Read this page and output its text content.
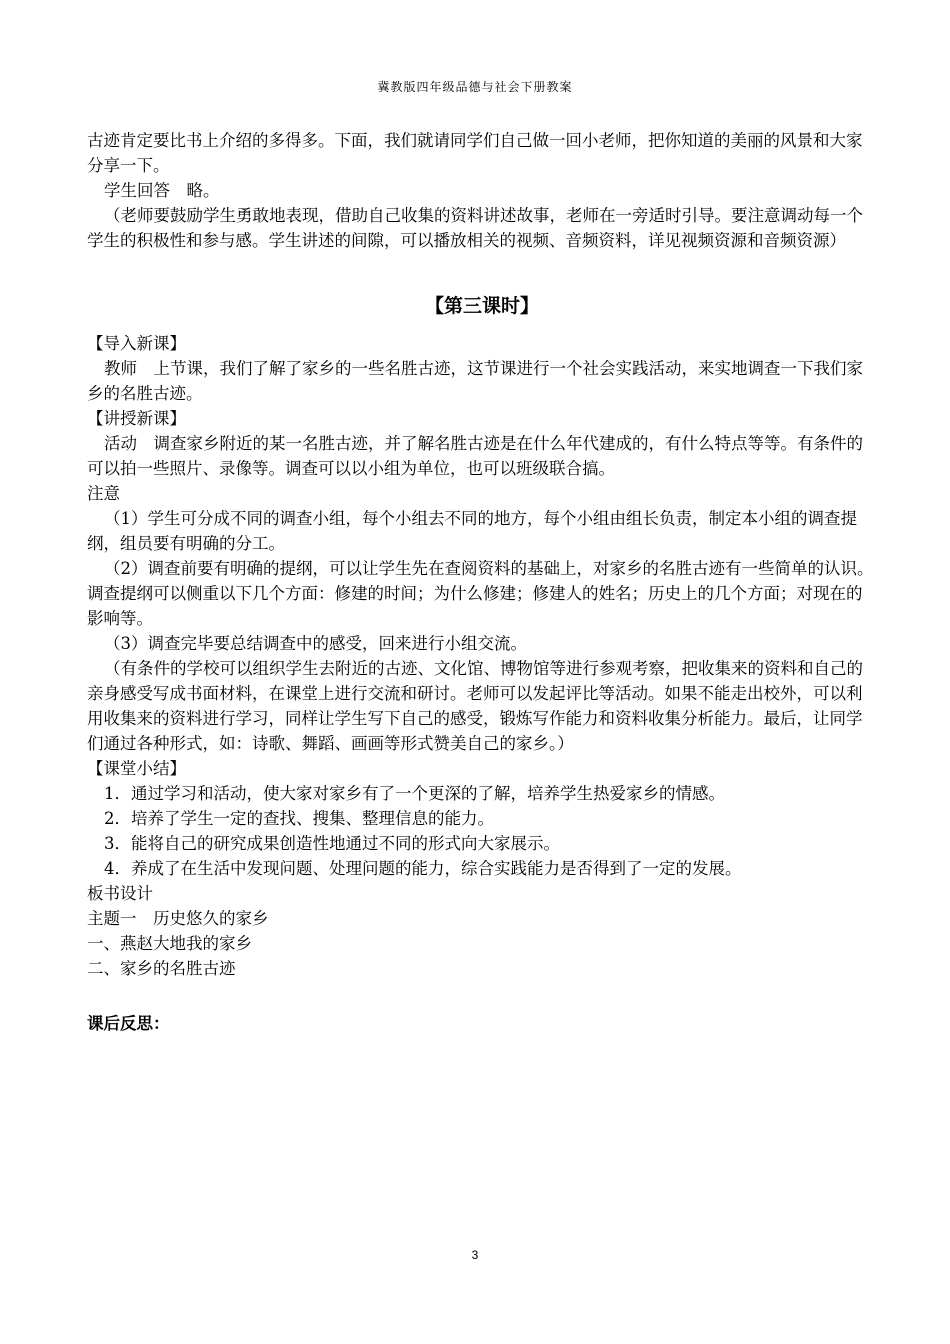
冀教版四年级品德与社会下册教案

古迹肯定要比书上介绍的多得多。下面，我们就请同学们自己做一回小老师，把你知道的美丽的风景和大家分享一下。

学生回答　略。

（老师要鼓励学生勇敢地表现，借助自己收集的资料讲述故事，老师在一旁适时引导。要注意调动每一个学生的积极性和参与感。学生讲述的间隙，可以播放相关的视频、音频资料，详见视频资源和音频资源）

【第三课时】

【导入新课】

教师　上节课，我们了解了家乡的一些名胜古迹，这节课进行一个社会实践活动，来实地调查一下我们家乡的名胜古迹。

【讲授新课】

活动　调查家乡附近的某一名胜古迹，并了解名胜古迹是在什么年代建成的，有什么特点等等。有条件的可以拍一些照片、录像等。调查可以以小组为单位，也可以班级联合搞。

注意

（1）学生可分成不同的调查小组，每个小组去不同的地方，每个小组由组长负责，制定本小组的调查提纲，组员要有明确的分工。

（2）调查前要有明确的提纲，可以让学生先在查阅资料的基础上，对家乡的名胜古迹有一些简单的认识。调查提纲可以侧重以下几个方面：修建的时间；为什么修建；修建人的姓名；历史上的几个方面；对现在的影响等。

（3）调查完毕要总结调查中的感受，回来进行小组交流。

（有条件的学校可以组织学生去附近的古迹、文化馆、博物馆等进行参观考察，把收集来的资料和自己的亲身感受写成书面材料，在课堂上进行交流和研讨。老师可以发起评比等活动。如果不能走出校外，可以利用收集来的资料进行学习，同样让学生写下自己的感受，锻炼写作能力和资料收集分析能力。最后，让同学们通过各种形式，如：诗歌、舞蹈、画画等形式赞美自己的家乡。）

【课堂小结】

1．通过学习和活动，使大家对家乡有了一个更深的了解，培养学生热爱家乡的情感。

2．培养了学生一定的查找、搜集、整理信息的能力。

3．能将自己的研究成果创造性地通过不同的形式向大家展示。

4．养成了在生活中发现问题、处理问题的能力，综合实践能力是否得到了一定的发展。

板书设计

主题一　历史悠久的家乡

一、燕赵大地我的家乡

二、家乡的名胜古迹

课后反思：

3
